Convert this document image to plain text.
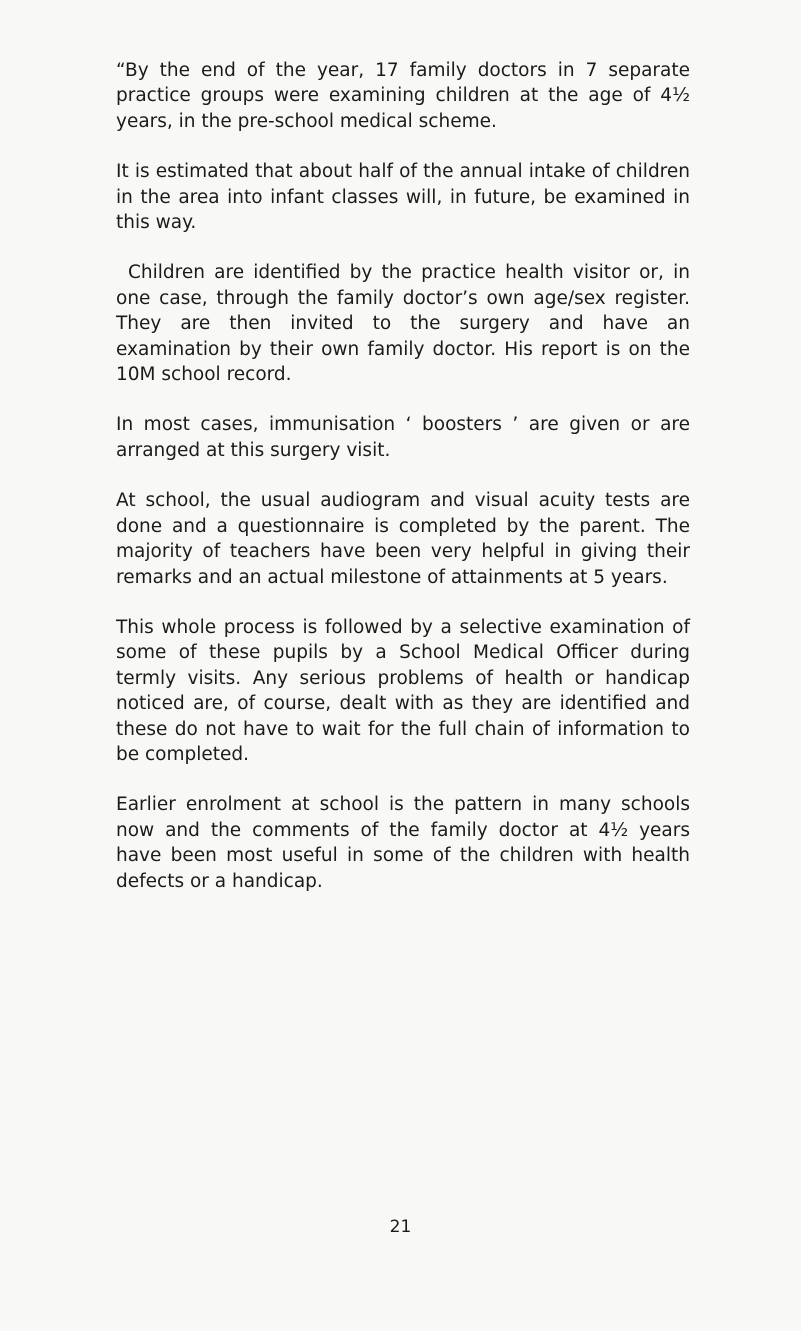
“By the end of the year, 17 family doctors in 7 separate practice groups were examining children at the age of 4½ years, in the pre-school medical scheme.

It is estimated that about half of the annual intake of children in the area into infant classes will, in future, be examined in this way.

Children are identified by the practice health visitor or, in one case, through the family doctor’s own age/sex register. They are then invited to the surgery and have an examination by their own family doctor. His report is on the 10M school record.

In most cases, immunisation ‘ boosters ’ are given or are arranged at this surgery visit.

At school, the usual audiogram and visual acuity tests are done and a questionnaire is completed by the parent. The majority of teachers have been very helpful in giving their remarks and an actual milestone of attainments at 5 years.

This whole process is followed by a selective examination of some of these pupils by a School Medical Officer during termly visits. Any serious problems of health or handicap noticed are, of course, dealt with as they are identified and these do not have to wait for the full chain of information to be completed.

Earlier enrolment at school is the pattern in many schools now and the comments of the family doctor at 4½ years have been most useful in some of the children with health defects or a handicap.

21
